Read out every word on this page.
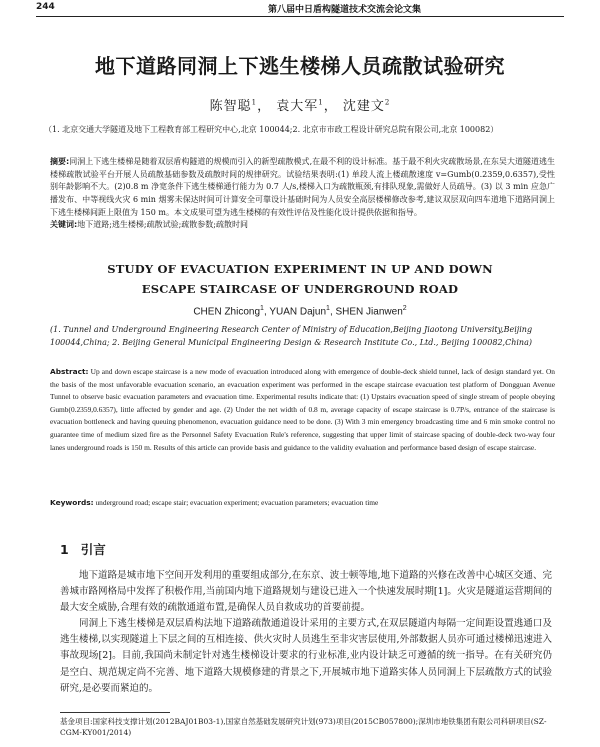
244	第八届中日盾构隧道技术交流会论文集
地下道路同洞上下逃生楼梯人员疏散试验研究
陈智聪$^1$， 袁大军$^1$， 沈建文$^2$
（1. 北京交通大学隧道及地下工程教育部工程研究中心,北京 100044;2. 北京市市政工程设计研究总院有限公司,北京 100082）
摘要:同洞上下逃生楼梯是随着双层盾构隧道的规模而引入的新型疏散模式,在最不利的设计标准。基于最不利火灾疏散场景,在东吴大道隧道逃生楼梯疏散试验平台开展人员疏散基础参数及疏散时间的规律研究。试验结果表明:(1) 单段人流上楼疏散速度 v=Gumb(0.2359,0.6357),受性别年龄影响不大。(2)0.8 m 净宽条件下逃生楼梯通行能力为 0.7 人/s,楼梯入口为疏散瓶颈,有排队现象,需做好人员疏导。(3) 以 3 min 应急广播发布、中等视线火灾 6 min 烟雾未保达时间可计算安全可靠设计基础时间为人员安全高层楼梯修改参考,建议双层双向四车道地下道路同洞上下逃生楼梯间距上限值为 150 m。本文成果可望为逃生楼梯的有效性评估及性能化设计提供依据和指导。
关键词:地下道路;逃生楼梯;疏散试验;疏散参数;疏散时间
STUDY OF EVACUATION EXPERIMENT IN UP AND DOWN
ESCAPE STAIRCASE OF UNDERGROUND ROAD
CHEN Zhicong$^1$, YUAN Dajun$^1$, SHEN Jianwen$^2$
(1. Tunnel and Underground Engineering Research Center of Ministry of Education,Beijing Jiaotong University,Beijing 100044,China; 2. Beijing General Municipal Engineering Design & Research Institute Co., Ltd., Beijing 100082,China)
Abstract: Up and down escape staircase is a new mode of evacuation introduced along with emergence of double-deck shield tunnel, lack of design standard yet. On the basis of the most unfavorable evacuation scenario, an evacuation experiment was performed in the escape staircase evacuation test platform of Dongguan Avenue Tunnel to observe basic evacuation parameters and evacuation time. Experimental results indicate that: (1) Upstairs evacuation speed of single stream of people obeying Gumb(0.2359,0.6357), little affected by gender and age. (2) Under the net width of 0.8 m, average capacity of escape staircase is 0.7P/s, entrance of the staircase is evacuation bottleneck and having queuing phenomenon, evacuation guidance need to be done. (3) With 3 min emergency broadcasting time and 6 min smoke control no guarantee time of medium sized fire as the Personnel Safety Evacuation Rule's reference, suggesting that upper limit of staircase spacing of double-deck two-way four lanes underground roads is 150 m. Results of this article can provide basis and guidance to the validity evaluation and performance based design of escape staircase.
Keywords: underground road; escape stair; evacuation experiment; evacuation parameters; evacuation time
1 引言
地下道路是城市地下空间开发利用的重要组成部分,在东京、波士顿等地,地下道路的兴修在改善中心城区交通、完善城市路网格局中发挥了积极作用,当前国内地下道路规划与建设已进入一个快速发展时期[1]。火灾是隧道运营期间的最大安全威胁,合理有效的疏散通道布置,是确保人员自救成功的首要前提。
同洞上下逃生楼梯是双层盾构法地下道路疏散通道设计采用的主要方式,在双层隧道内每隔一定间距设置逃通口及逃生楼梯,以实现隧道上下层之间的互相连接、供火灾时人员逃生至非灾害层使用,外部数据人员亦可通过楼梯迅速进入事故现场[2]。目前,我国尚未制定针对逃生楼梯设计要求的行业标准,业内设计缺乏可遵循的统一指导。在有关研究仍是空白、规范规定尚不完善、地下道路大规模修建的背景之下,开展城市地下道路实体人员同洞上下层疏散方式的试验研究,是必要而紧迫的。
基金项目:国家科技支撑计划(2012BAJ01B03-1),国家自然基础发展研究计划(973)项目(2015CB057800);深圳市地铁集团有限公司科研项目(SZ-CGM-KY001/2014)
